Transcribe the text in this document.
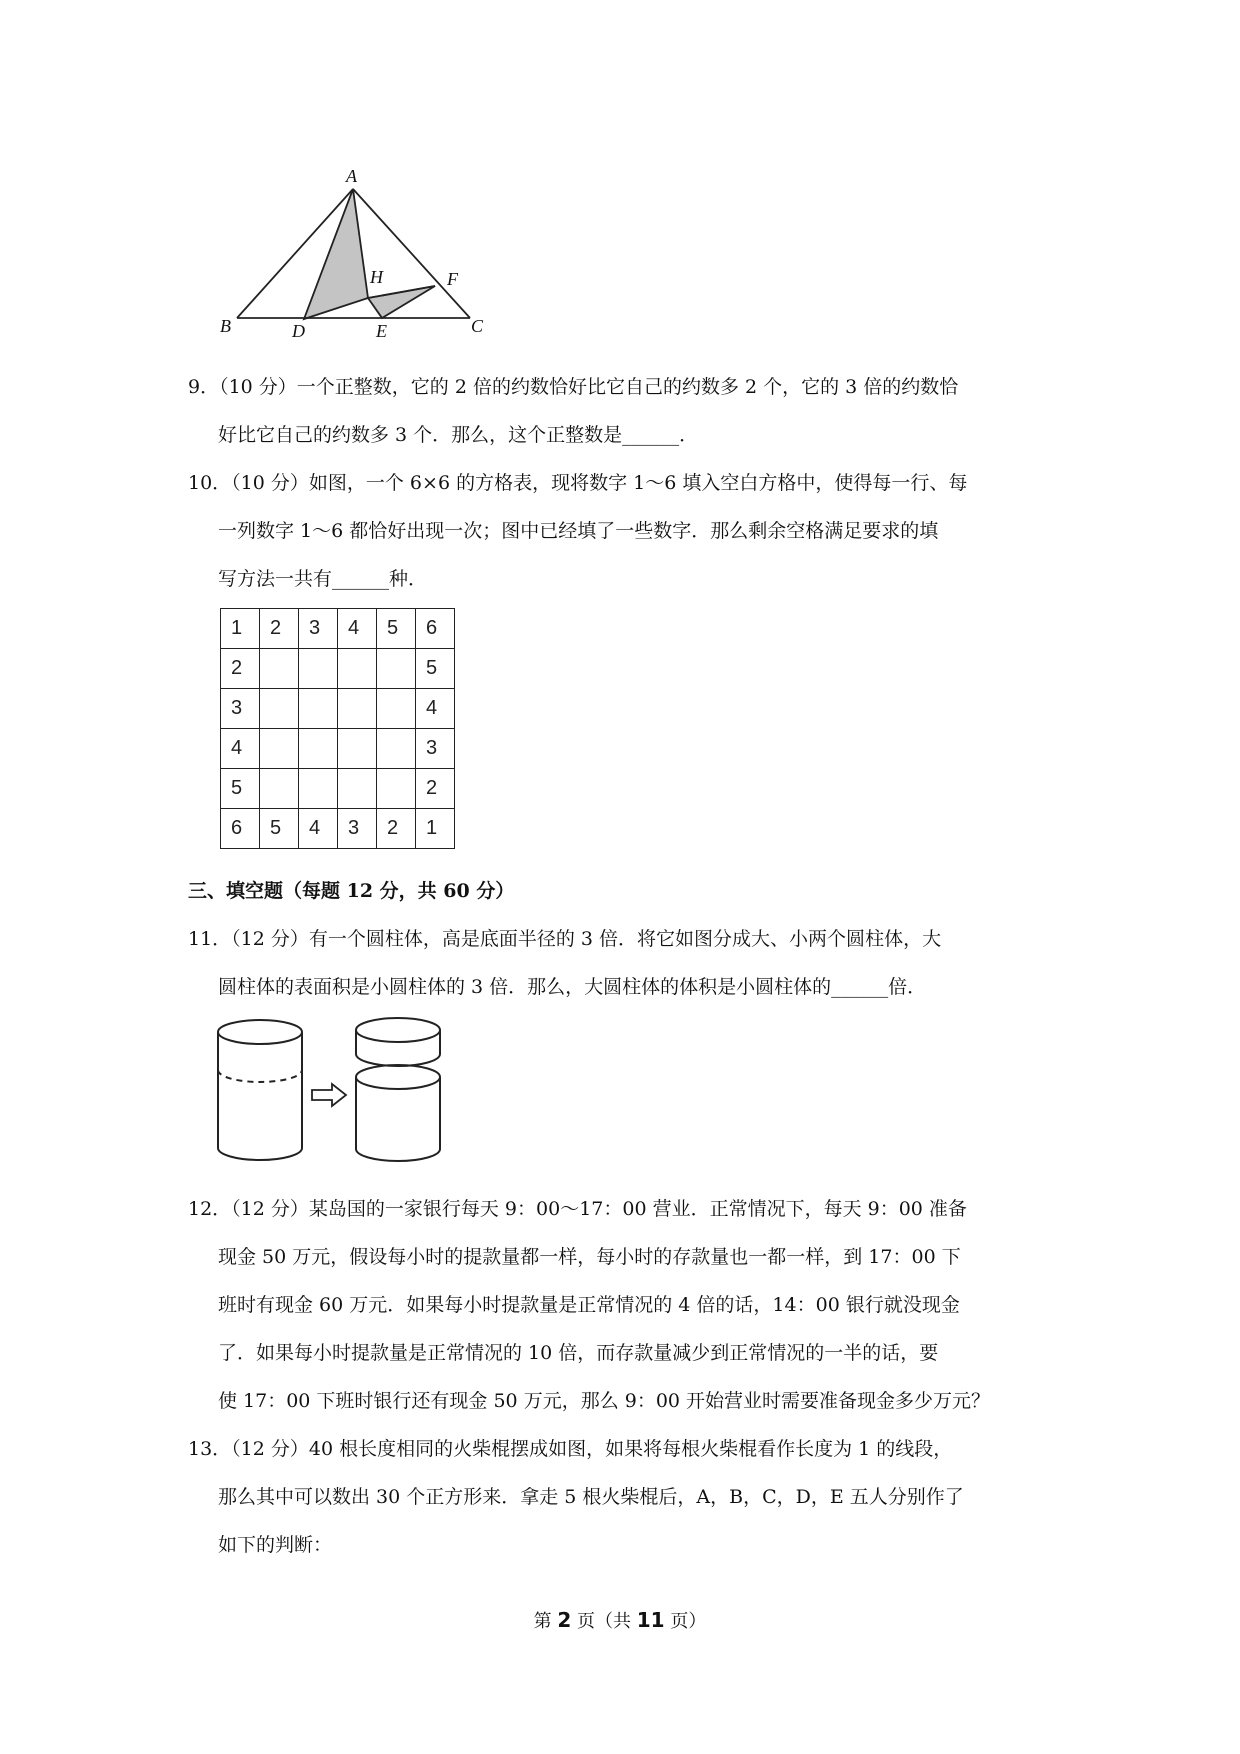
A
B	C
D	E
F
H
9．（10 分）一个正整数，它的 2 倍的约数恰好比它自己的约数多 2 个，它的 3 倍的约数恰
好比它自己的约数多 3 个．那么，这个正整数是______．
10．（10 分）如图，一个 6×6 的方格表，现将数字 1～6 填入空白方格中，使得每一行、每
一列数字 1～6 都恰好出现一次；图中已经填了一些数字．那么剩余空格满足要求的填
写方法一共有______种．
1	2	3	4	5	6
2					5
3					4
4					3
5					2
6	5	4	3	2	1
三、填空题（每题 12 分，共 60 分）
11．（12 分）有一个圆柱体，高是底面半径的 3 倍．将它如图分成大、小两个圆柱体，大
圆柱体的表面积是小圆柱体的 3 倍．那么，大圆柱体的体积是小圆柱体的______倍．
12．（12 分）某岛国的一家银行每天 9：00～17：00 营业．正常情况下，每天 9：00 准备
现金 50 万元，假设每小时的提款量都一样，每小时的存款量也一都一样，到 17：00 下
班时有现金 60 万元．如果每小时提款量是正常情况的 4 倍的话，14：00 银行就没现金
了．如果每小时提款量是正常情况的 10 倍，而存款量减少到正常情况的一半的话，要
使 17：00 下班时银行还有现金 50 万元，那么 9：00 开始营业时需要准备现金多少万元？
13．（12 分）40 根长度相同的火柴棍摆成如图，如果将每根火柴棍看作长度为 1 的线段，
那么其中可以数出 30 个正方形来．拿走 5 根火柴棍后，A，B，C，D，E 五人分别作了
如下的判断：
第 2 页（共 11 页）
